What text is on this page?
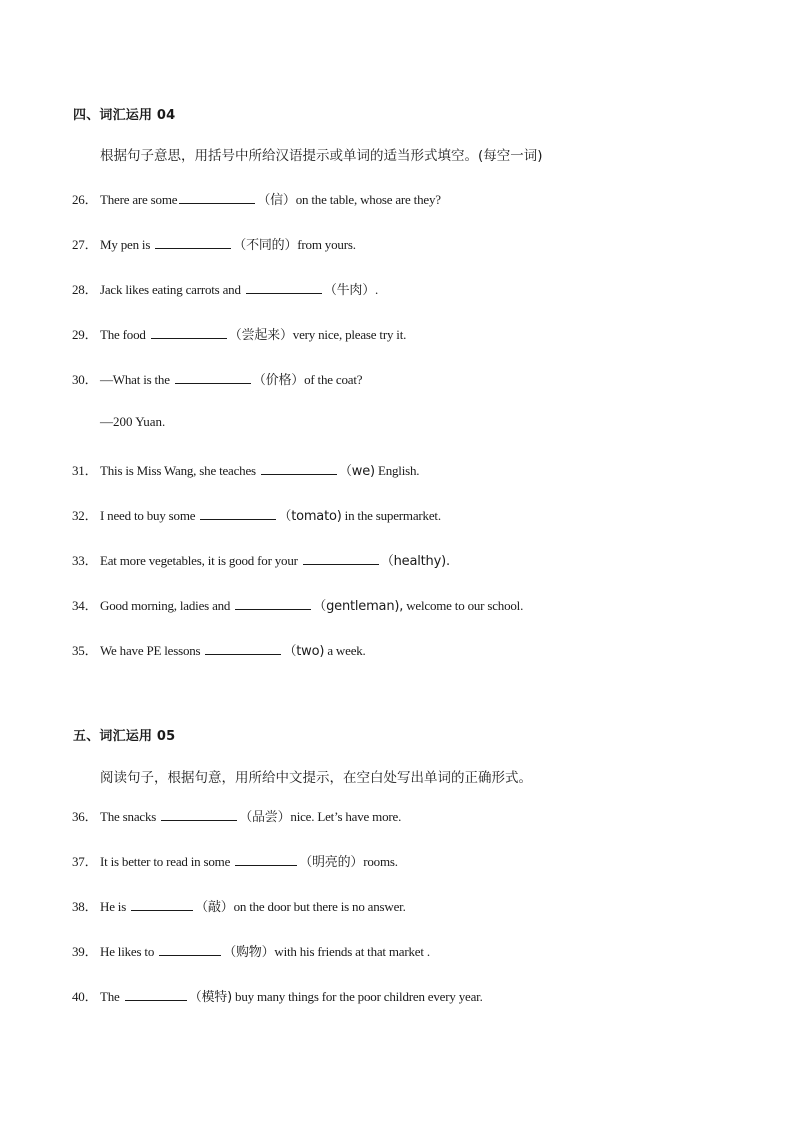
四、词汇运用 04
根据句子意思，用括号中所给汉语提示或单词的适当形式填空。(每空一词)
26． There are some	（信） on the table, whose are they?
27． My pen is
	（不同的） from yours.
28． Jack likes eating carrots and
	（牛肉） .
29． The food
	（尝起来） very nice, please try it.
30． —What is the
	（价格） of the coat?
—200 Yuan.
31． This is Miss Wang, she teaches
	（we)
English.
32． I need to buy some
	（tomato)
in the supermarket.
33． Eat more vegetables, it is good for your
	（healthy).
34． Good morning, ladies and
	（gentleman),
welcome to our school.
35． We have PE lessons
	（two)
a week.
五、词汇运用 05
阅读句子，根据句意，用所给中文提示，在空白处写出单词的正确形式。
36． The snacks
	（品尝） nice. Let’s have more.
37． It is better to read in some
	（明亮的） rooms.
38． He is
	（敲） on the door but there is no answer.
39． He likes to
	（购物） with his friends at that market .
40． The
	（模特)
buy many things for the poor children every year.
